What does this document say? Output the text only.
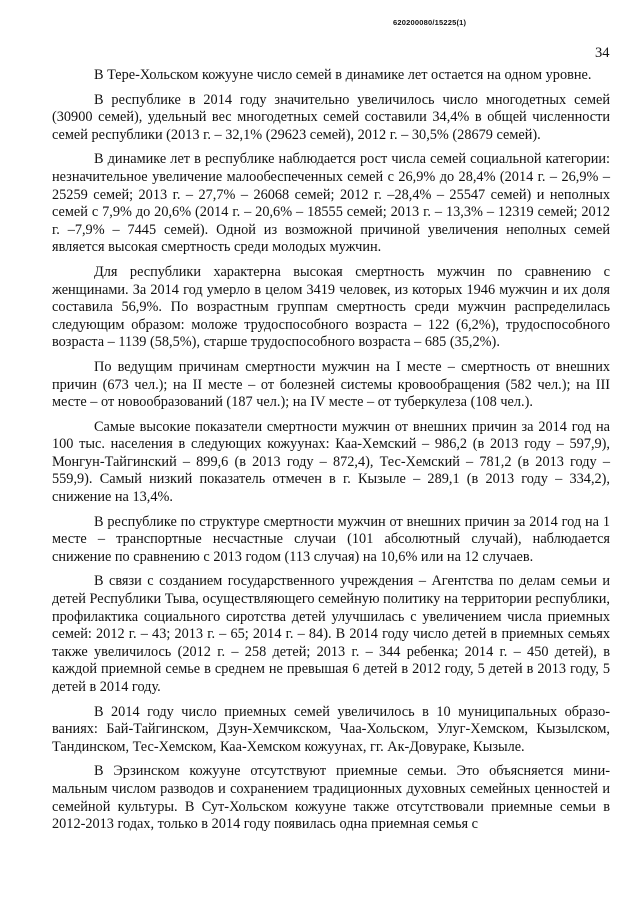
620200080/15225(1)
34

В Тере-Хольском кожууне число семей в динамике лет остается на одном уровне.

В республике в 2014 году значительно увеличилось число многодетных семей (30900 семей), удельный вес многодетных семей составили 34,4% в общей численности семей республики (2013 г. – 32,1% (29623 семей), 2012 г. – 30,5% (28679 семей).

В динамике лет в республике наблюдается рост числа семей социальной категории: незначительное увеличение малообеспеченных семей с 26,9% до 28,4% (2014 г. – 26,9% – 25259 семей; 2013 г. – 27,7% – 26068 семей; 2012 г. –28,4% – 25547 семей) и неполных семей с 7,9% до 20,6% (2014 г. – 20,6% – 18555 семей; 2013 г. – 13,3% – 12319 семей; 2012 г. –7,9% – 7445 семей). Одной из возможной причиной увеличения неполных семей является высокая смертность среди молодых мужчин.

Для республики характерна высокая смертность мужчин по сравнению с женщинами. За 2014 год умерло в целом 3419 человек, из которых 1946 мужчин и их доля составила 56,9%. По возрастным группам смертность среди мужчин распределилась следующим образом: моложе трудоспособного возраста – 122 (6,2%), трудоспособного возраста – 1139 (58,5%), старше трудоспособного возраста – 685 (35,2%).

По ведущим причинам смертности мужчин на I месте – смертность от внешних причин (673 чел.); на II месте – от болезней системы кровообращения (582 чел.); на III месте – от новообразований (187 чел.); на IV месте – от туберкулеза (108 чел.).

Самые высокие показатели смертности мужчин от внешних причин за 2014 год на 100 тыс. населения в следующих кожуунах: Каа-Хемский – 986,2 (в 2013 году – 597,9), Монгун-Тайгинский – 899,6 (в 2013 году – 872,4), Тес-Хемский – 781,2 (в 2013 году – 559,9). Самый низкий показатель отмечен в г. Кызыле – 289,1 (в 2013 году – 334,2), снижение на 13,4%.

В республике по структуре смертности мужчин от внешних причин за 2014 год на 1 месте – транспортные несчастные случаи (101 абсолютный случай), наблюдается снижение по сравнению с 2013 годом (113 случая) на 10,6% или на 12 случаев.

В связи с созданием государственного учреждения – Агентства по делам семьи и детей Республики Тыва, осуществляющего семейную политику на территории республики, профилактика социального сиротства детей улучшилась с увеличением числа приемных семей: 2012 г. – 43; 2013 г. – 65; 2014 г. – 84). В 2014 году число детей в приемных семьях также увеличилось (2012 г. – 258 детей; 2013 г. – 344 ребенка; 2014 г. – 450 детей), в каждой приемной семье в среднем не превышая 6 детей в 2012 году, 5 детей в 2013 году, 5 детей в 2014 году.

В 2014 году число приемных семей увеличилось в 10 муниципальных образованиях: Бай-Тайгинском, Дзун-Хемчикском, Чаа-Хольском, Улуг-Хемском, Кызылском, Тандинском, Тес-Хемском, Каа-Хемском кожуунах, гг. Ак-Довураке, Кызыле.

В Эрзинском кожууне отсутствуют приемные семьи. Это объясняется минимальным числом разводов и сохранением традиционных духовных семейных ценностей и семейной культуры. В Сут-Хольском кожууне также отсутствовали приемные семьи в 2012-2013 годах, только в 2014 году появилась одна приемная семья с
